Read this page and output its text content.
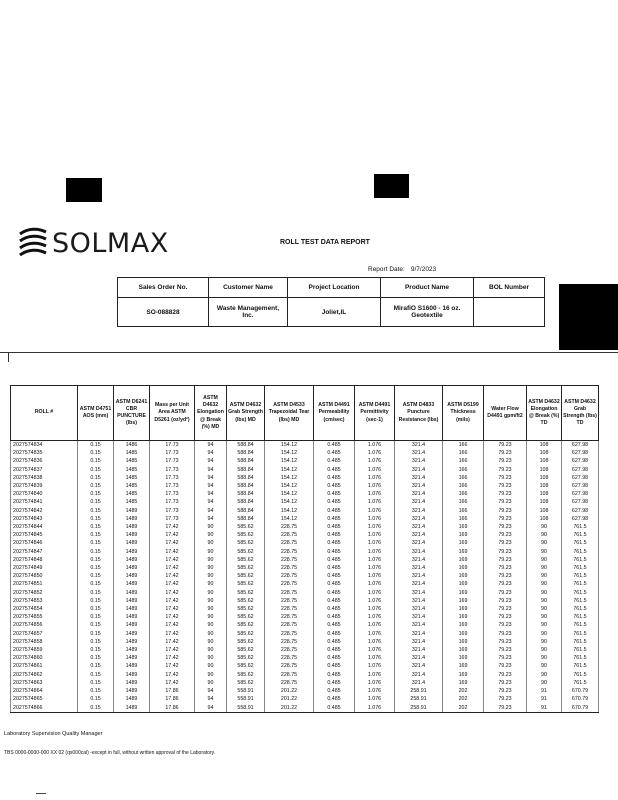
SOLMAX	ROLL TEST DATA REPORT
Report Date: 9/7/2023
Sales Order No.	Customer Name	Project Location	Product Name	BOL Number
SO-088828	Waste Management, Inc.	Joliet,IL	MirafiO S1600 - 16 oz. Geotextile	
ROLL #	ASTM D4751 AOS (mm)	ASTM D6241 CBR PUNCTURE (lbs)	Mass per Unit Area ASTM D5261 (oz/yd²)	ASTM D4632 Elongation @ Break (%) MD	ASTM D4632 Grab Strength (lbs) MD	ASTM D4533 Trapezoidal Tear (lbs) MD	ASTM D4491 Permeability (cm/sec)	ASTM D4491 Permittivity (sec-1)	ASTM D4833 Puncture Resistance (lbs)	ASTM D5199 Thickness (mils)	Water Flow D4491 gpm/ft2	ASTM D4632 Elongation @ Break (%) TD	ASTM D4632 Grab Strength (lbs) TD
2027574834	0.15	1486	17.73	94	588.84	154.12	0.485	1.076	321.4	166	79.23	108	627.98
2027574835	0.15	1485	17.73	94	588.84	154.12	0.485	1.076	321.4	166	79.23	108	627.98
2027574836	0.15	1485	17.73	94	588.84	154.12	0.485	1.076	321.4	166	79.23	108	627.98
2027574837	0.15	1485	17.73	94	588.84	154.12	0.485	1.076	321.4	166	79.23	108	627.98
2027574838	0.15	1485	17.73	94	588.84	154.12	0.485	1.076	321.4	166	79.23	108	627.98
2027574839	0.15	1485	17.73	94	588.84	154.12	0.485	1.076	321.4	166	79.23	108	627.98
2027574840	0.15	1485	17.73	94	588.84	154.12	0.485	1.076	321.4	166	79.23	108	627.98
2027574841	0.15	1485	17.73	94	588.84	154.12	0.485	1.076	321.4	166	79.23	108	627.98
2027574842	0.15	1489	17.73	94	588.84	154.12	0.485	1.076	321.4	166	79.23	108	627.98
2027574843	0.15	1489	17.73	94	588.84	154.12	0.485	1.076	321.4	166	79.23	108	627.98
2027574844	0.15	1489	17.42	90	585.62	228.75	0.485	1.076	321.4	169	79.23	90	761.5
2027574845	0.15	1489	17.42	90	585.62	228.75	0.485	1.076	321.4	169	79.23	90	761.5
2027574846	0.15	1489	17.42	90	585.62	228.75	0.485	1.076	321.4	169	79.23	90	761.5
2027574847	0.15	1489	17.42	90	585.62	228.75	0.485	1.076	321.4	169	79.23	90	761.5
2027574848	0.15	1489	17.42	90	585.62	228.75	0.485	1.076	321.4	169	79.23	90	761.5
2027574849	0.15	1489	17.42	90	585.62	228.75	0.485	1.076	321.4	169	79.23	90	761.5
2027574850	0.15	1489	17.42	90	585.62	228.75	0.485	1.076	321.4	169	79.23	90	761.5
2027574851	0.15	1489	17.42	90	585.62	228.75	0.485	1.076	321.4	169	79.23	90	761.5
2027574852	0.15	1489	17.42	90	585.62	228.75	0.485	1.076	321.4	169	79.23	90	761.5
2027574853	0.15	1489	17.42	90	585.62	228.75	0.485	1.076	321.4	169	79.23	90	761.5
2027574854	0.15	1489	17.42	90	585.62	228.75	0.485	1.076	321.4	169	79.23	90	761.5
2027574855	0.15	1489	17.42	90	585.62	228.75	0.485	1.076	321.4	169	79.23	90	761.5
2027574856	0.15	1489	17.42	90	585.62	228.75	0.485	1.076	321.4	169	79.23	90	761.5
2027574857	0.15	1489	17.42	90	585.62	228.75	0.485	1.076	321.4	169	79.23	90	761.5
2027574858	0.15	1489	17.42	90	585.62	228.75	0.485	1.076	321.4	169	79.23	90	761.5
2027574859	0.15	1489	17.42	90	585.62	228.75	0.485	1.076	321.4	169	79.23	90	761.5
2027574860	0.15	1489	17.42	90	585.62	228.75	0.485	1.076	321.4	169	79.23	90	761.5
2027574861	0.15	1489	17.42	90	585.62	228.75	0.485	1.076	321.4	169	79.23	90	761.5
2027574862	0.15	1489	17.42	90	585.62	228.75	0.485	1.076	321.4	169	79.23	90	761.5
2027574863	0.15	1489	17.42	90	585.62	228.75	0.485	1.076	321.4	169	79.23	90	761.5
2027574864	0.15	1489	17.86	94	558.91	201.22	0.485	1.076	258.91	202	79.23	91	670.79
2027574865	0.15	1489	17.86	94	558.91	201.22	0.485	1.076	258.91	202	79.23	91	670.79
2027574866	0.15	1489	17.86	94	558.91	201.22	0.485	1.076	258.91	202	79.23	91	670.79
Laboratory Supervision Quality Manager
TBS 0000-0000-000 XX 02 (qs000cal) -except in full, without written approval of the Laboratory.
